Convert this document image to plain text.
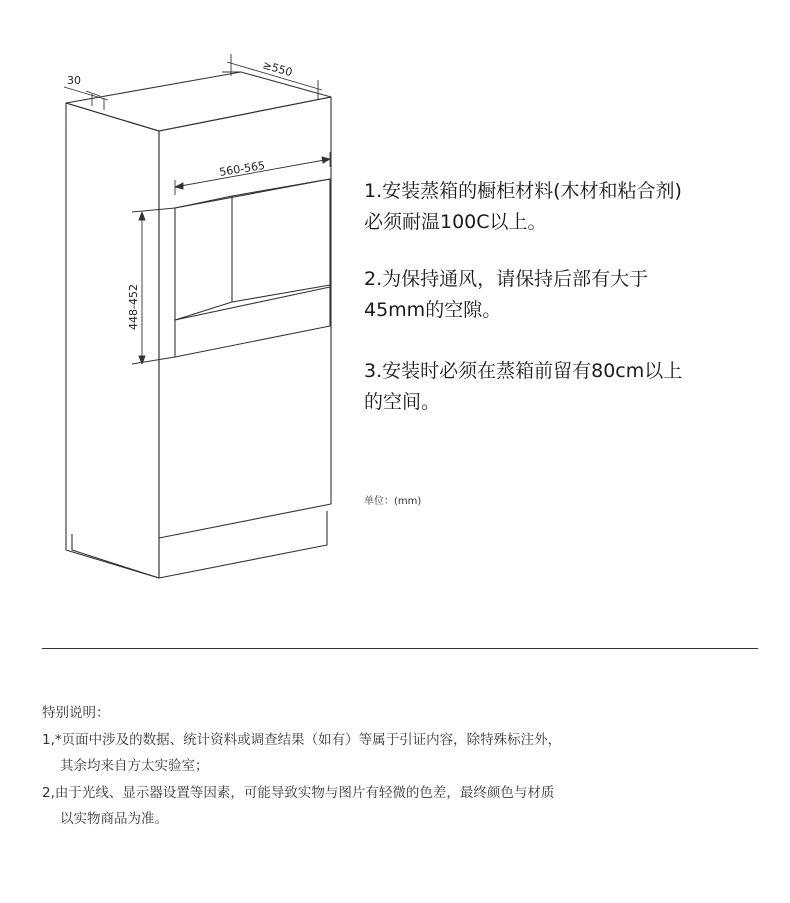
30
≥550
560-565
448-452
1.安装蒸箱的橱柜材料(木材和粘合剂)
必须耐温100C以上。
2.为保持通风，请保持后部有大于
45mm的空隙。
3.安装时必须在蒸箱前留有80cm以上
的空间。
单位：(mm)
特别说明：
1,*页面中涉及的数据、统计资料或调查结果（如有）等属于引证内容，除特殊标注外，
其余均来自方太实验室；
2,由于光线、显示器设置等因素，可能导致实物与图片有轻微的色差，最终颜色与材质
以实物商品为准。
